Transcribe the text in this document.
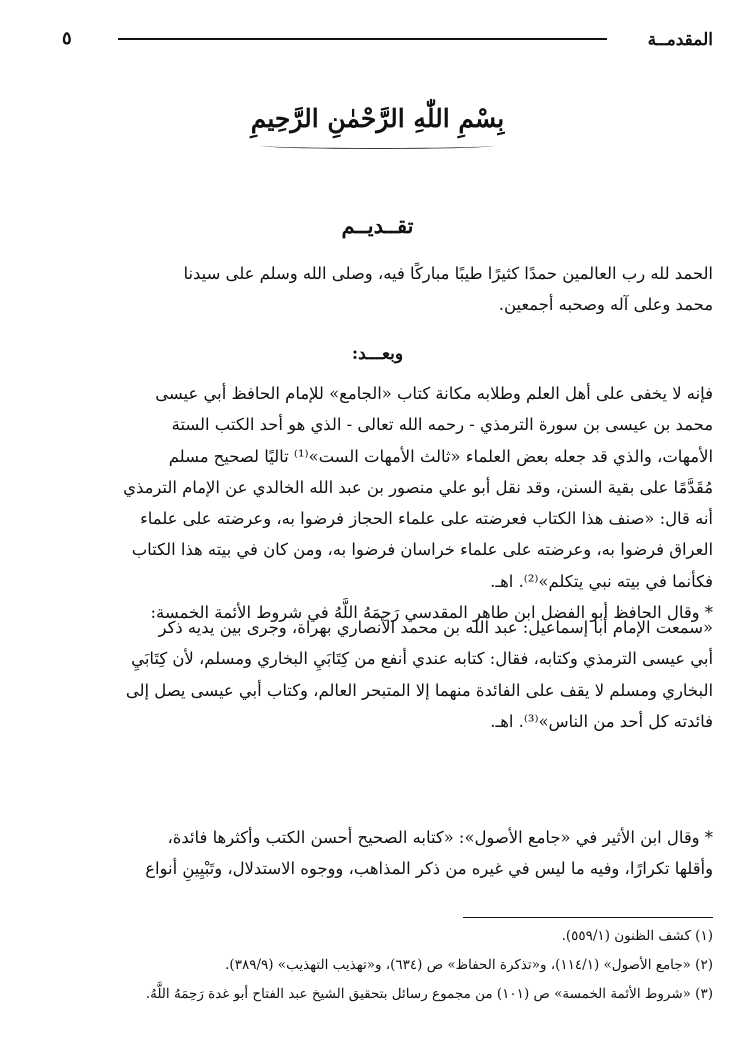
المقدمــة
٥
بِسْمِ اللّٰهِ الرَّحْمٰنِ الرَّحِيمِ
تقــديــم

الحمد لله رب العالمين حمدًا كثيرًا طيبًا مباركًا فيه، وصلى الله وسلم على سيدنا

محمد وعلى آله وصحبه أجمعين.

وبعـــد:

فإنه لا يخفى على أهل العلم وطلابه مكانة كتاب «الجامع» للإمام الحافظ أبي عيسى

محمد بن عيسى بن سورة الترمذي - رحمه الله تعالى - الذي هو أحد الكتب الستة

الأمهات، والذي قد جعله بعض العلماء «ثالث الأمهات الست»⁽¹⁾ تاليًا لصحيح مسلم

مُقَدَّمًا على بقية السنن، وقد نقل أبو علي منصور بن عبد الله الخالدي عن الإمام الترمذي

أنه قال: «صنف هذا الكتاب فعرضته على علماء الحجاز فرضوا به، وعرضته على علماء

العراق فرضوا به، وعرضته على علماء خراسان فرضوا به، ومن كان في بيته هذا الكتاب

فكأنما في بيته نبي يتكلم»⁽²⁾. اهـ.

* وقال الحافظ أبو الفضل ابن طاهر المقدسي رَحِمَهُ اللَّهُ في شروط الأئمة الخمسة:

«سمعت الإمام أبا إسماعيل: عبد الله بن محمد الأنصاري بهراة، وجرى بين يديه ذكر

أبي عيسى الترمذي وكتابه، فقال: كتابه عندي أنفع من كِتَابَيِ البخاري ومسلم، لأن كِتَابَيِ

البخاري ومسلم لا يقف على الفائدة منهما إلا المتبحر العالم، وكتاب أبي عيسى يصل إلى

فائدته كل أحد من الناس»⁽³⁾. اهـ.

* وقال ابن الأثير في «جامع الأصول»: «كتابه الصحيح أحسن الكتب وأكثرها فائدة،

وأقلها تكرارًا، وفيه ما ليس في غيره من ذكر المذاهب، ووجوه الاستدلال، وتَبْيِينِ أنواع

(١) كشف الظنون (٥٥٩/١).
(٢) «جامع الأصول» (١١٤/١)، و«تذكرة الحفاظ» ص (٦٣٤)، و«تهذيب التهذيب» (٣٨٩/٩).
(٣) «شروط الأئمة الخمسة» ص (١٠١) من مجموع رسائل بتحقيق الشيخ عبد الفتاح أبو غدة رَحِمَهُ اللَّهُ.
